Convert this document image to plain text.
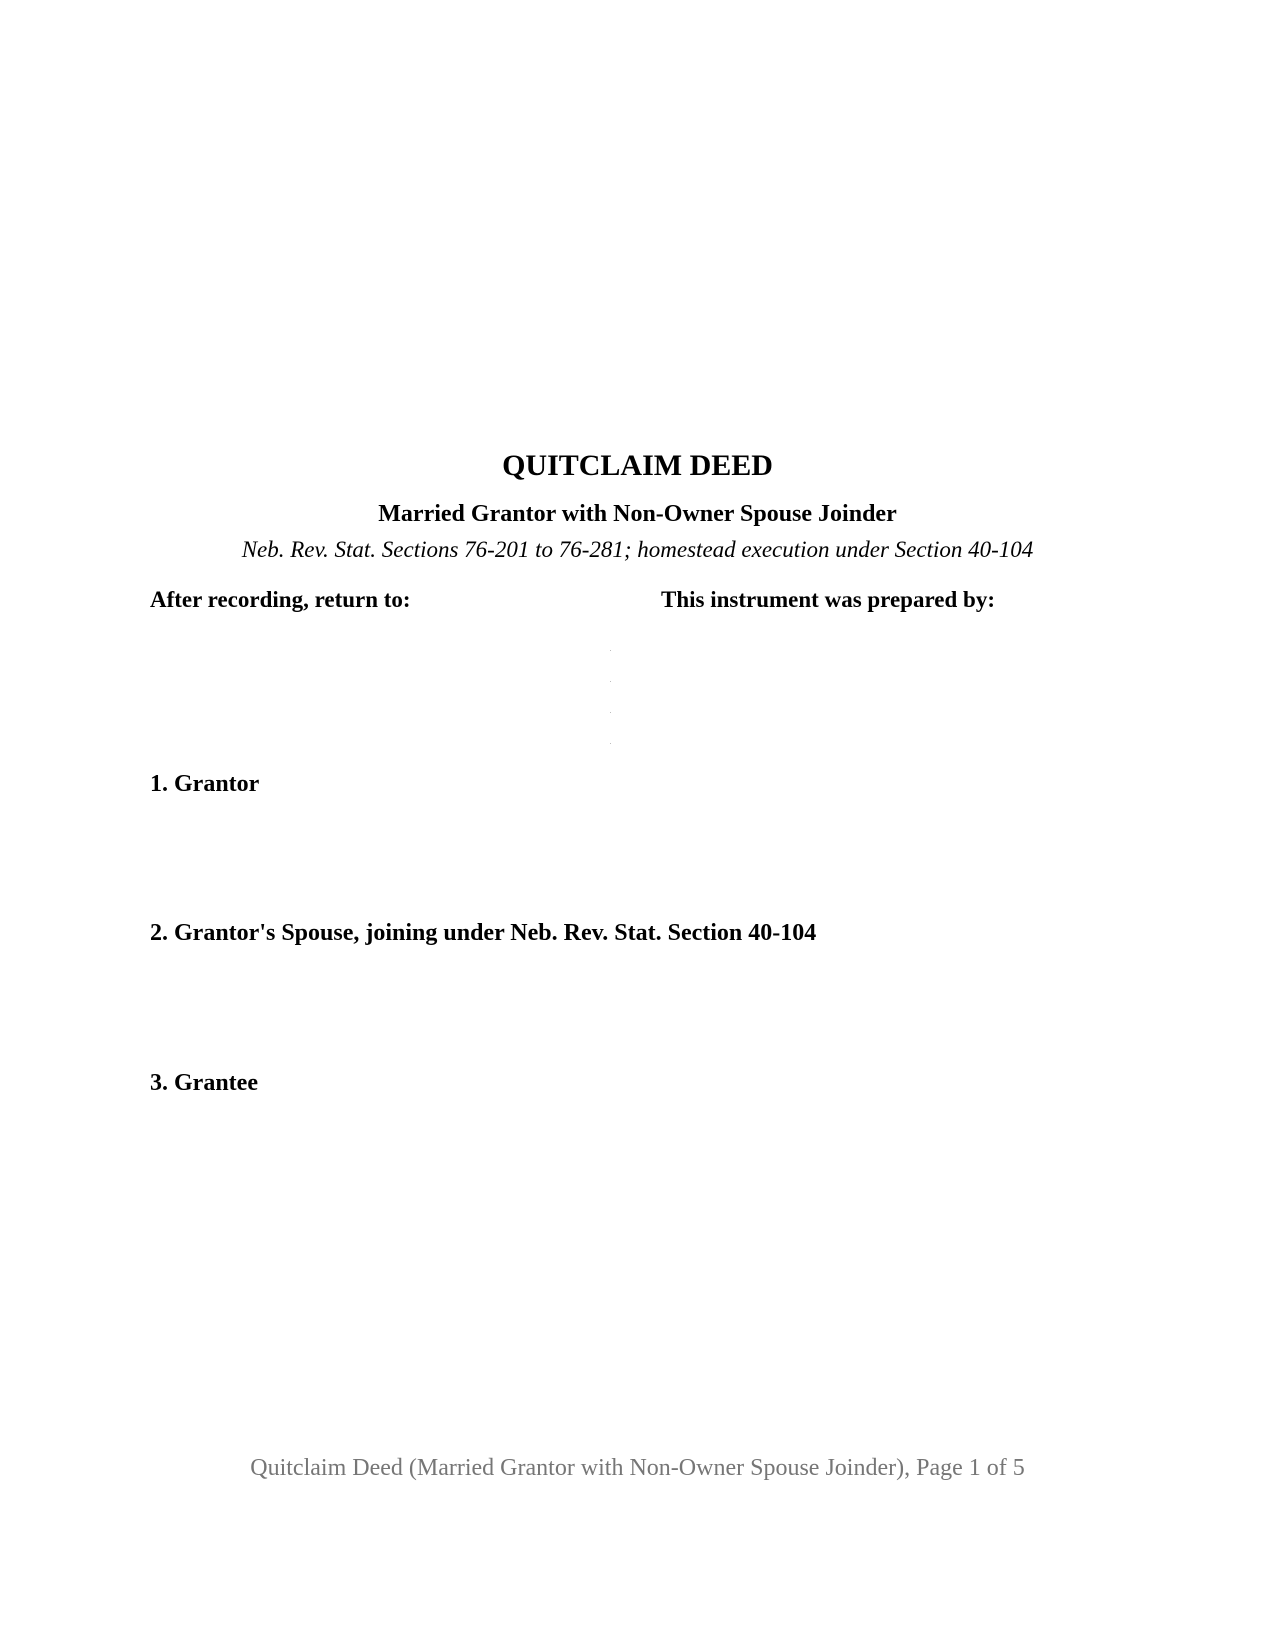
QUITCLAIM DEED
Married Grantor with Non-Owner Spouse Joinder
Neb. Rev. Stat. Sections 76-201 to 76-281; homestead execution under Section 40-104
After recording, return to:	This instrument was prepared by:
1. Grantor
2. Grantor's Spouse, joining under Neb. Rev. Stat. Section 40-104
3. Grantee
Quitclaim Deed (Married Grantor with Non-Owner Spouse Joinder), Page 1 of 5
